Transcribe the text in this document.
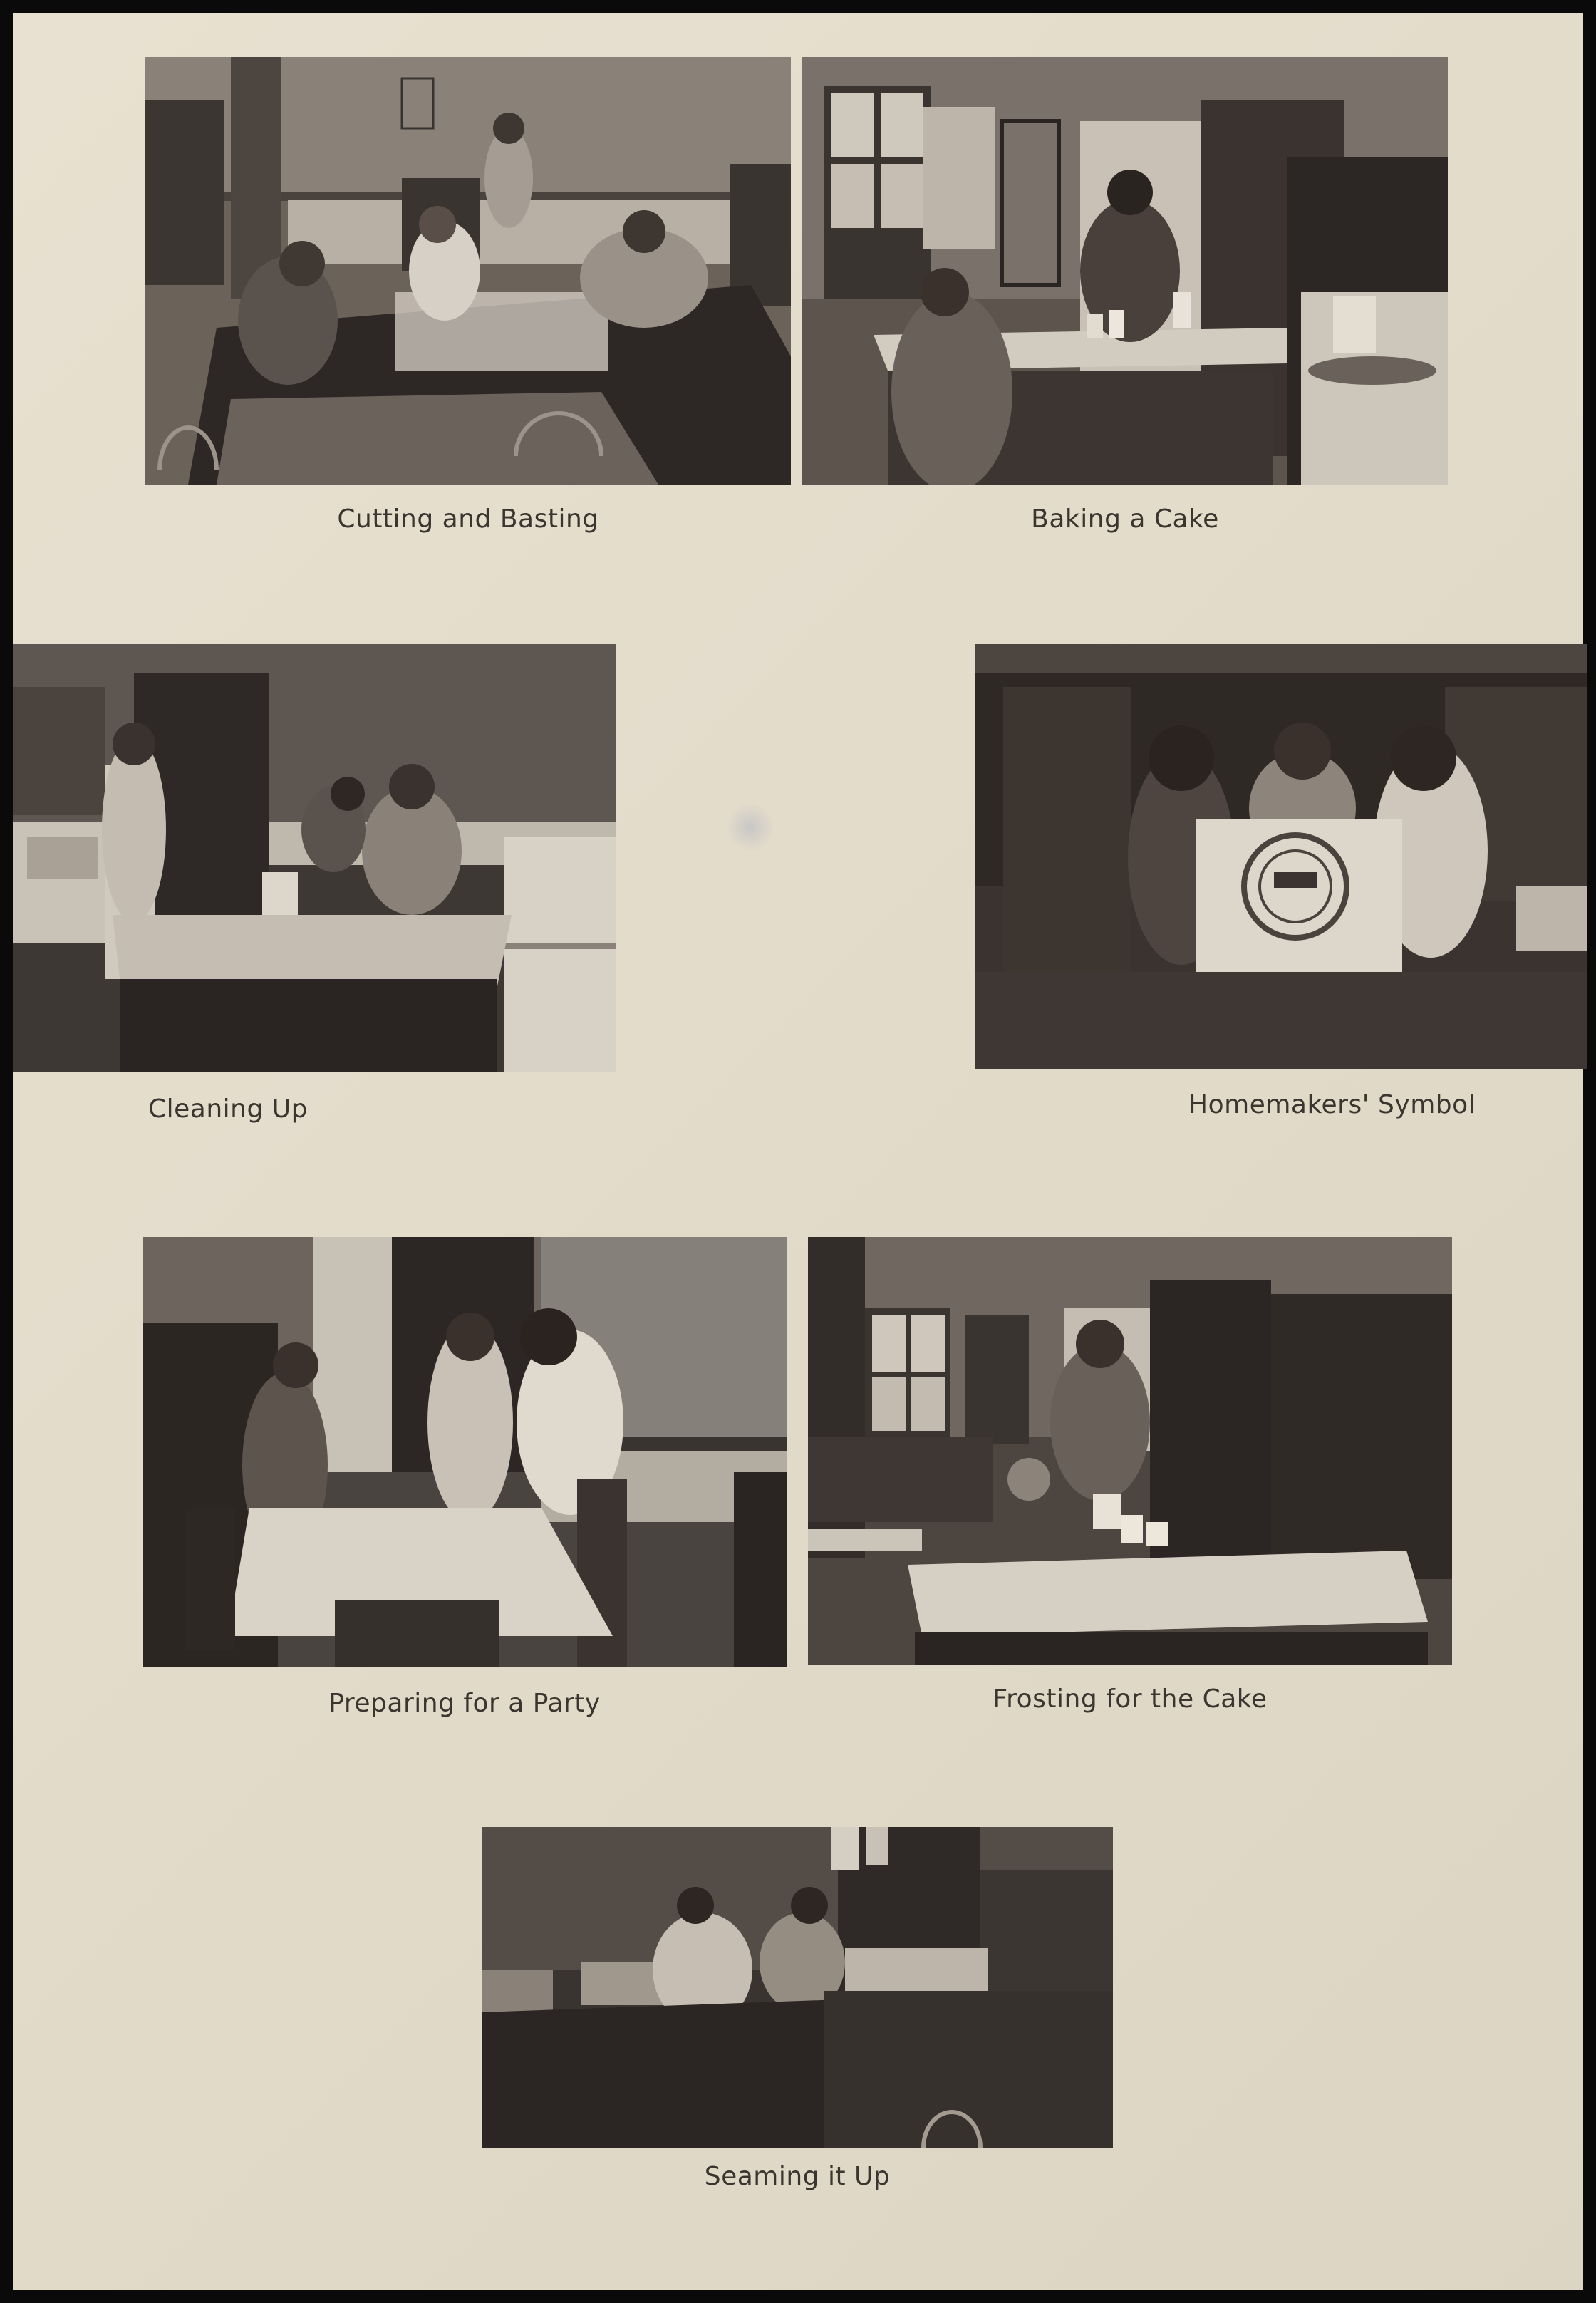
Cutting and Basting	Baking a Cake
Cleaning Up	Homemakers' Symbol
Preparing for a Party	Frosting for the Cake
Seaming it Up
